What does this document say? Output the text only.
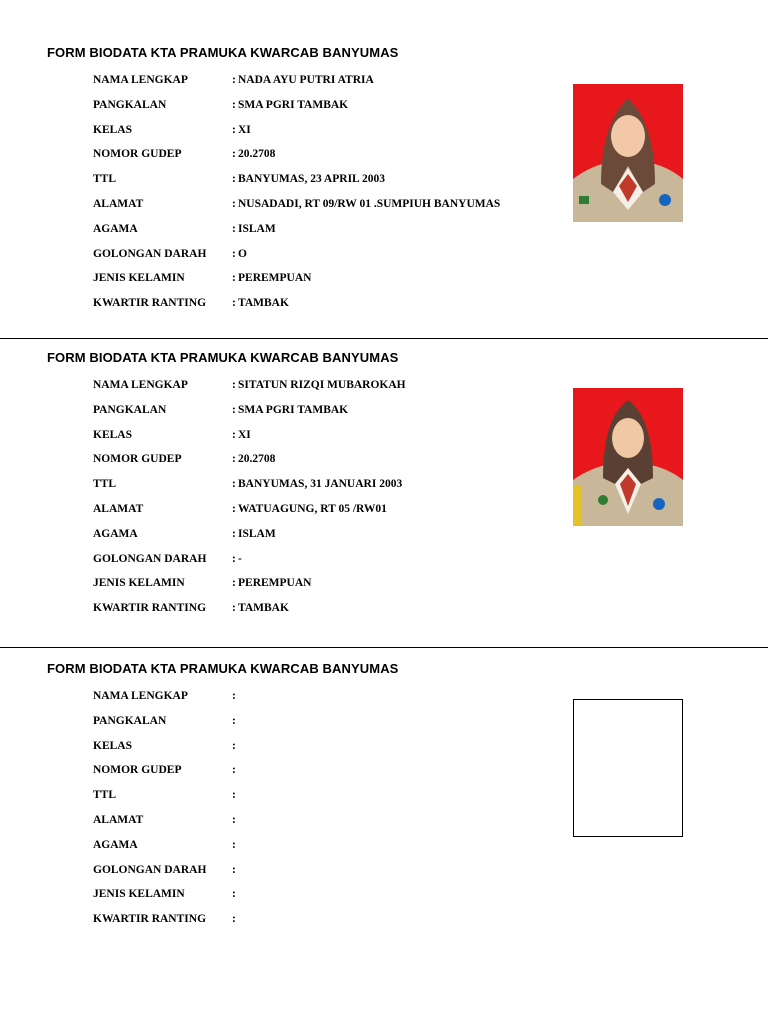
FORM BIODATA KTA PRAMUKA KWARCAB BANYUMAS
NAMA LENGKAP	: NADA AYU PUTRI ATRIA
PANGKALAN	: SMA PGRI TAMBAK
KELAS	: XI
NOMOR GUDEP	: 20.2708
TTL	: BANYUMAS, 23 APRIL 2003
ALAMAT	: NUSADADI, RT 09/RW 01 .SUMPIUH BANYUMAS
AGAMA	: ISLAM
GOLONGAN DARAH : O
JENIS KELAMIN	: PEREMPUAN
KWARTIR RANTING : TAMBAK
FORM BIODATA KTA PRAMUKA KWARCAB BANYUMAS
NAMA LENGKAP	: SITATUN RIZQI MUBAROKAH
PANGKALAN	: SMA PGRI TAMBAK
KELAS	: XI
NOMOR GUDEP	: 20.2708
TTL	: BANYUMAS, 31 JANUARI 2003
ALAMAT	: WATUAGUNG, RT 05 /RW01
AGAMA	: ISLAM
GOLONGAN DARAH : -
JENIS KELAMIN	: PEREMPUAN
KWARTIR RANTING : TAMBAK
FORM BIODATA KTA PRAMUKA KWARCAB BANYUMAS
NAMA LENGKAP	:
PANGKALAN	:
KELAS	:
NOMOR GUDEP	:
TTL	:
ALAMAT	:
AGAMA	:
GOLONGAN DARAH :
JENIS KELAMIN	:
KWARTIR RANTING :
